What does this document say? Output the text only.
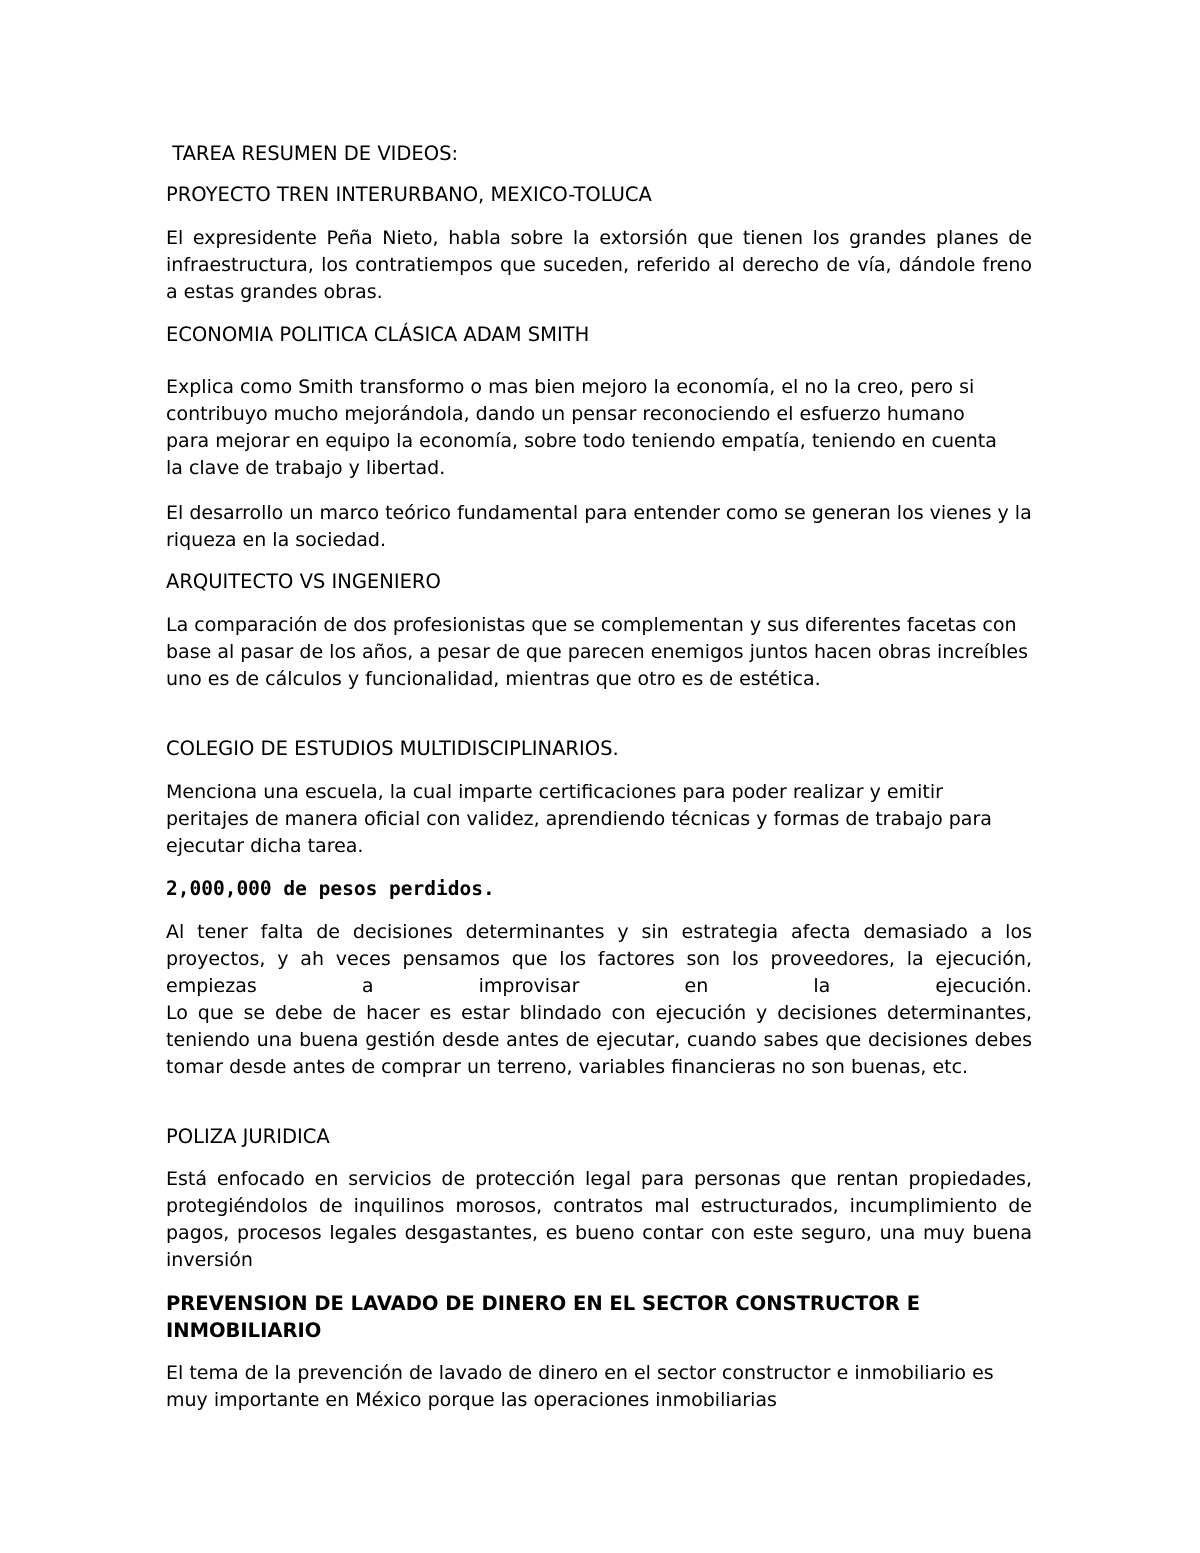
TAREA RESUMEN DE VIDEOS:
PROYECTO TREN INTERURBANO, MEXICO-TOLUCA
El expresidente Peña Nieto, habla sobre la extorsión que tienen los grandes planes de infraestructura, los contratiempos que suceden, referido al derecho de vía, dándole freno a estas grandes obras.
ECONOMIA POLITICA CLÁSICA ADAM SMITH
Explica como Smith transformo o mas bien mejoro la economía, el no la creo, pero si contribuyo mucho mejorándola, dando un pensar reconociendo el esfuerzo humano para mejorar en equipo la economía, sobre todo teniendo empatía, teniendo en cuenta la clave de trabajo y libertad.
El desarrollo un marco teórico fundamental para entender como se generan los vienes y la riqueza en la sociedad.
ARQUITECTO VS INGENIERO
La comparación de dos profesionistas que se complementan y sus diferentes facetas con base al pasar de los años, a pesar de que parecen enemigos juntos hacen obras increíbles uno es de cálculos y funcionalidad, mientras que otro es de estética.
COLEGIO DE ESTUDIOS MULTIDISCIPLINARIOS.
Menciona una escuela, la cual imparte certificaciones para poder realizar y emitir peritajes de manera oficial con validez, aprendiendo técnicas y formas de trabajo para ejecutar dicha tarea.
2,000,000 de pesos perdidos.
Al tener falta de decisiones determinantes y sin estrategia afecta demasiado a los proyectos, y ah veces pensamos que los factores son los proveedores, la ejecución, empiezas a improvisar en la ejecución.
Lo que se debe de hacer es estar blindado con ejecución y decisiones determinantes, teniendo una buena gestión desde antes de ejecutar, cuando sabes que decisiones debes tomar desde antes de comprar un terreno, variables financieras no son buenas, etc.
POLIZA JURIDICA
Está enfocado en servicios de protección legal para personas que rentan propiedades, protegiéndolos de inquilinos morosos, contratos mal estructurados, incumplimiento de pagos, procesos legales desgastantes, es bueno contar con este seguro, una muy buena inversión
PREVENSION DE LAVADO DE DINERO EN EL SECTOR CONSTRUCTOR E INMOBILIARIO
El tema de la prevención de lavado de dinero en el sector constructor e inmobiliario es muy importante en México porque las operaciones inmobiliarias
